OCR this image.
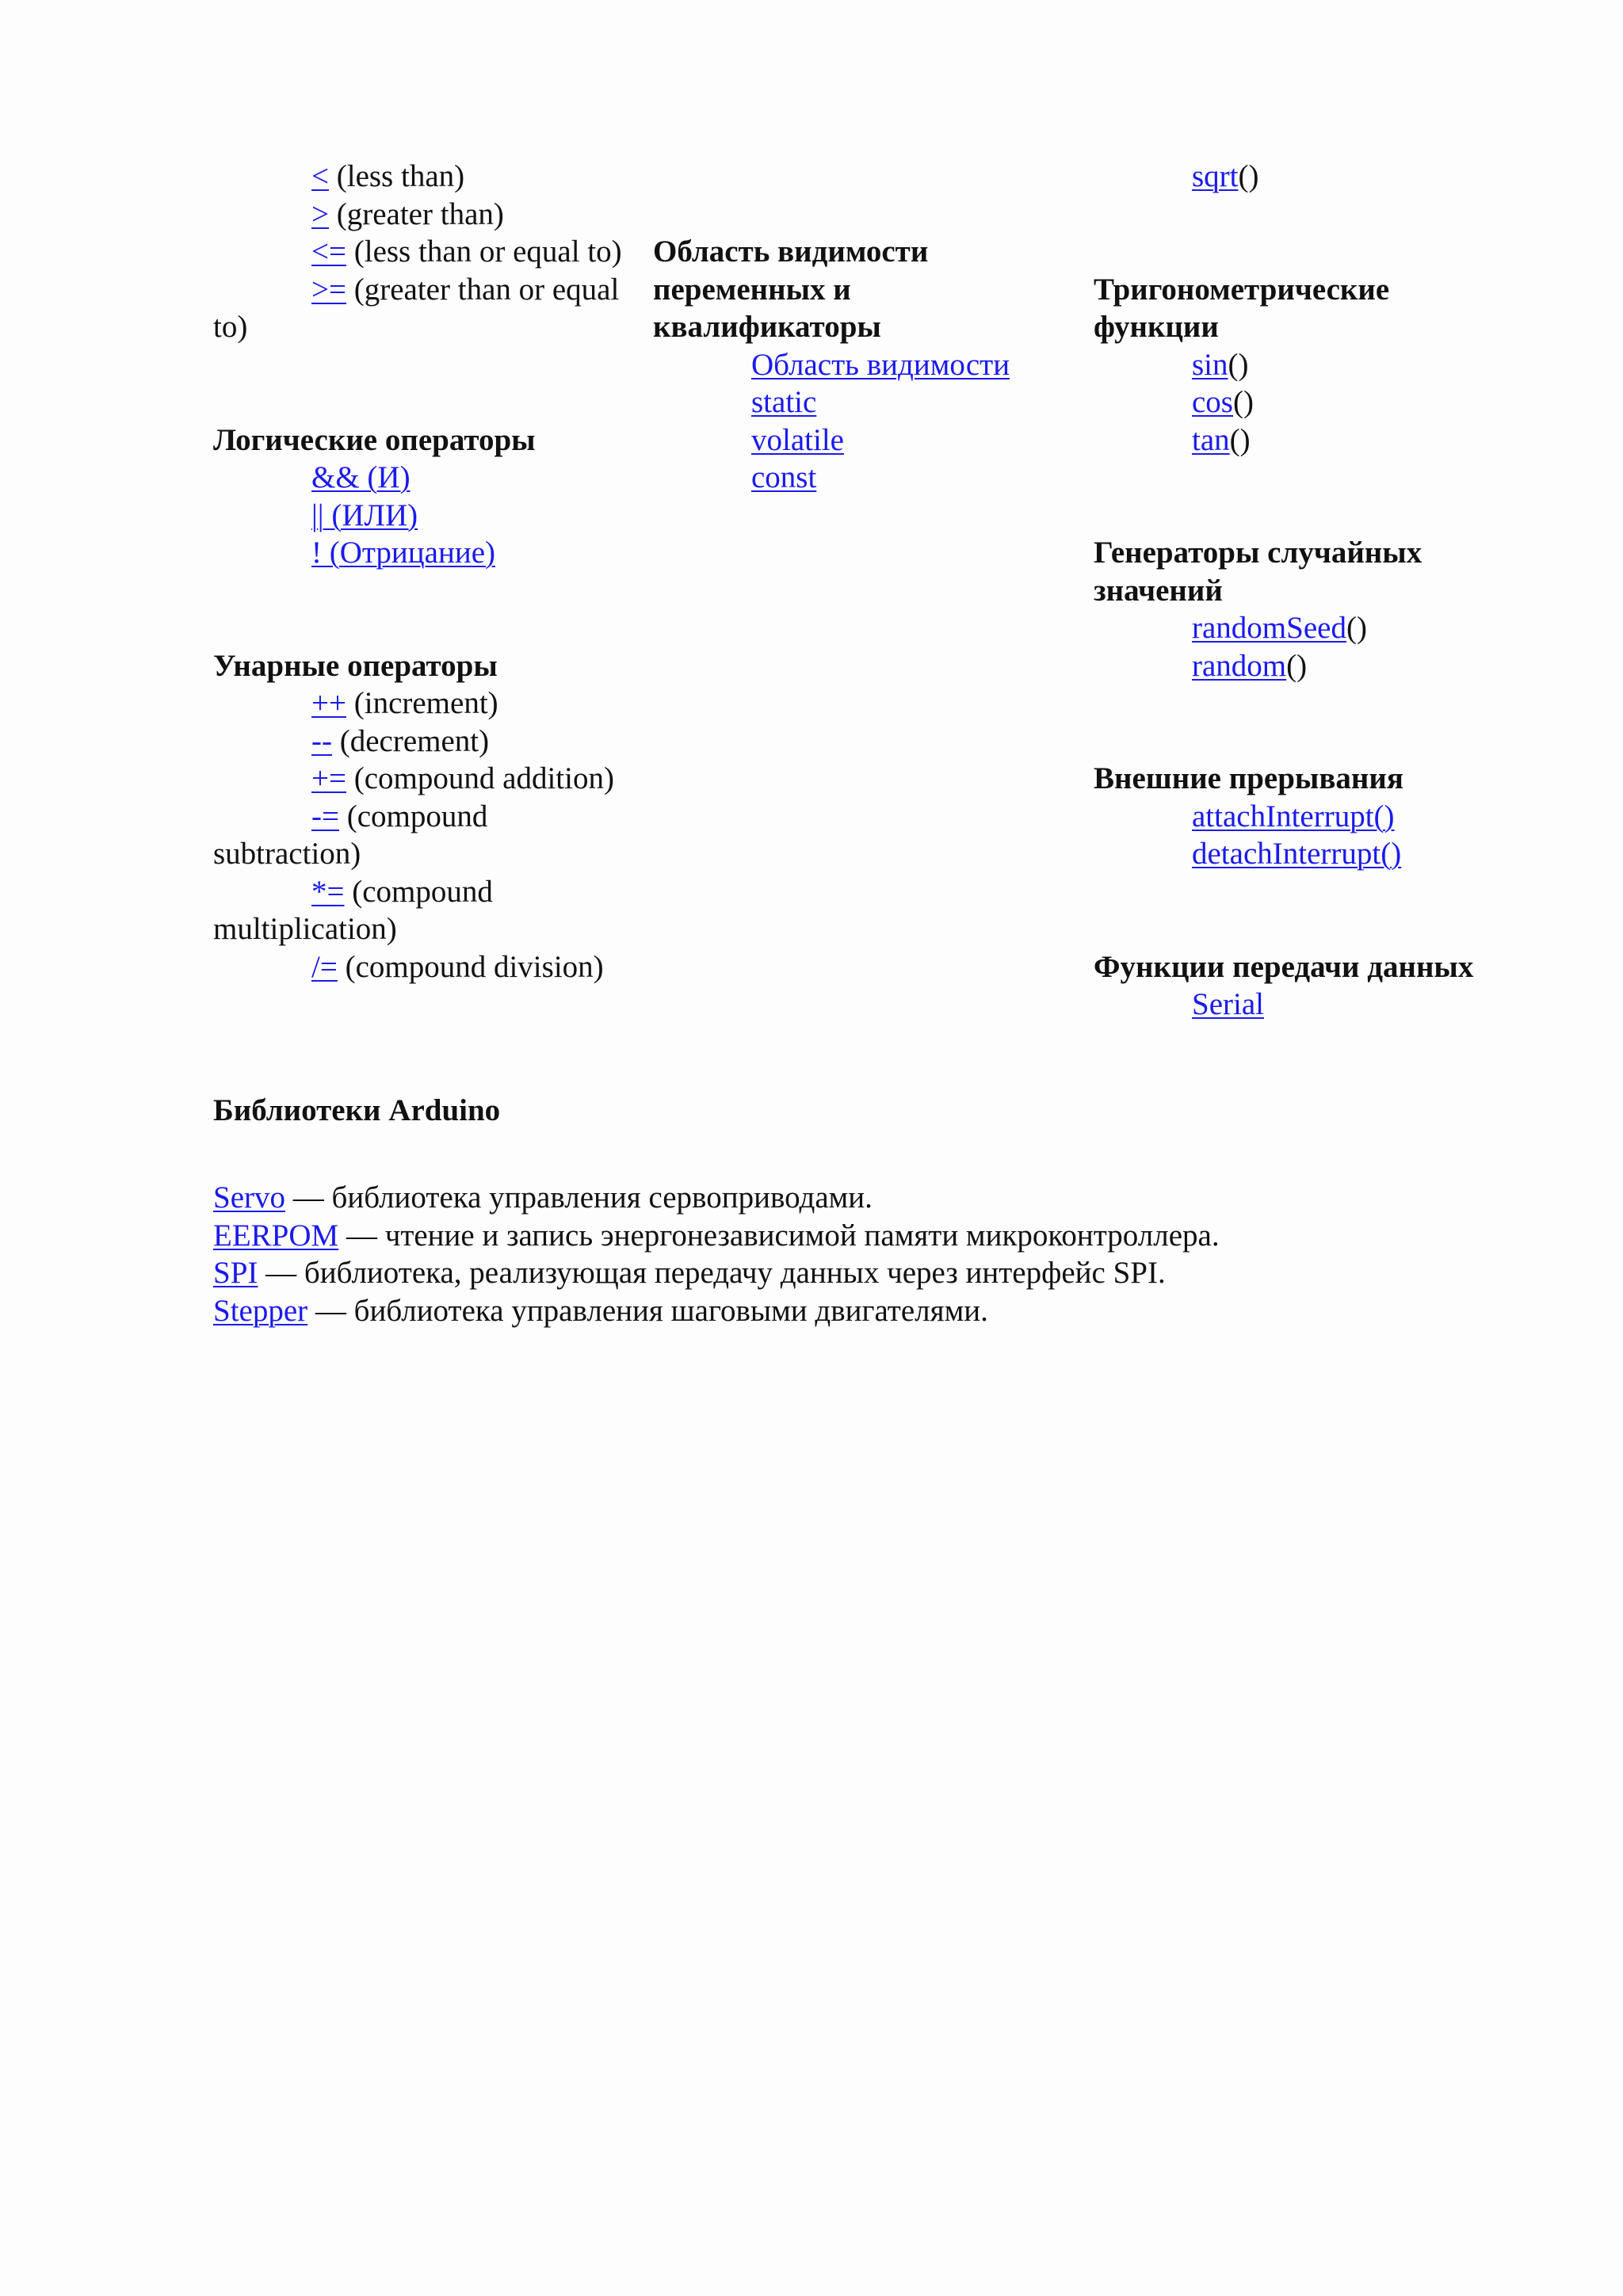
< (less than)
> (greater than)
<= (less than or equal to)
>= (greater than or equal to)
Логические операторы
&& (И)
|| (ИЛИ)
! (Отрицание)
Унарные операторы
++ (increment)
-- (decrement)
+= (compound addition)
-= (compound subtraction)
*= (compound multiplication)
/= (compound division)
Область видимости переменных и квалификаторы
Область видимости
static
volatile
const
sqrt()
Тригонометрические функции
sin()
cos()
tan()
Генераторы случайных значений
randomSeed()
random()
Внешние прерывания
attachInterrupt()
detachInterrupt()
Функции передачи данных
Serial
Библиотеки Arduino
Servo — библиотека управления сервоприводами.
EERPOM — чтение и запись энергонезависимой памяти микроконтроллера.
SPI — библиотека, реализующая передачу данных через интерфейс SPI.
Stepper — библиотека управления шаговыми двигателями.
